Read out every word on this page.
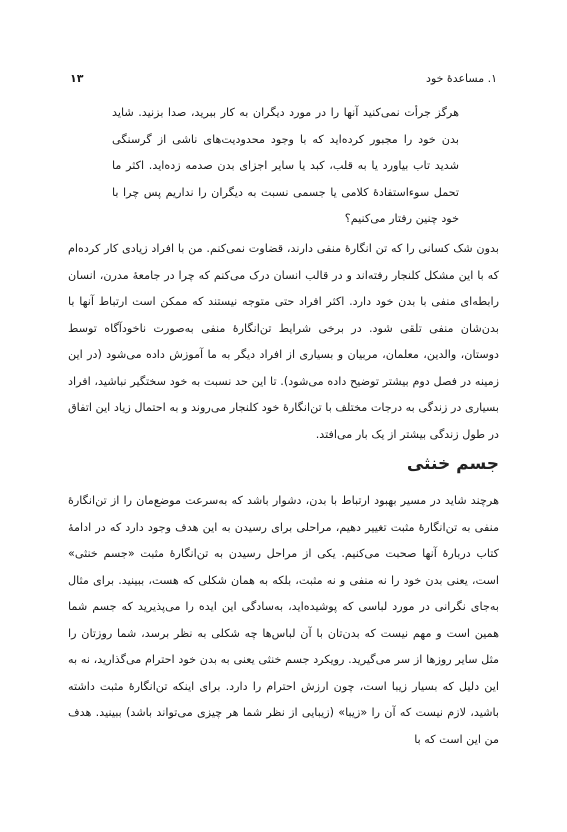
۱۳	۱. مساعدهٔ خود
هرگز جرأت نمی‌کنید آنها را در مورد دیگران به کار ببرید، صدا بزنید. شاید بدن خود را مجبور کرده‌اید که با وجود محدودیت‌های ناشی از گرسنگی شدید تاب بیاورد یا به قلب، کبد یا سایر اجزای بدن صدمه زده‌اید. اکثر ما تحمل سوءاستفادهٔ کلامی یا جسمی نسبت به دیگران را نداریم پس چرا با خود چنین رفتار می‌کنیم؟
بدون شک کسانی را که تن انگارهٔ منفی دارند، قضاوت نمی‌کنم. من با افراد زیادی کار کرده‌ام که با این مشکل کلنجار رفته‌اند و در قالب انسان درک می‌کنم که چرا در جامعهٔ مدرن، انسان رابطه‌ای منفی با بدن خود دارد. اکثر افراد حتی متوجه نیستند که ممکن است ارتباط آنها با بدن‌شان منفی تلقی شود. در برخی شرایط تن‌انگارهٔ منفی به‌صورت ناخودآگاه توسط دوستان، والدین، معلمان، مربیان و بسیاری از افراد دیگر به ما آموزش داده می‌شود (در این زمینه در فصل دوم بیشتر توضیح داده می‌شود). تا این حد نسبت به خود سختگیر نباشید، افراد بسیاری در زندگی به درجات مختلف با تن‌انگارهٔ خود کلنجار می‌روند و به احتمال زیاد این اتفاق در طول زندگی بیشتر از یک بار می‌افتد.
جسم خنثی
هرچند شاید در مسیر بهبود ارتباط با بدن، دشوار باشد که به‌سرعت موضع‌مان را از تن‌انگارهٔ منفی به تن‌انگارهٔ مثبت تغییر دهیم، مراحلی برای رسیدن به این هدف وجود دارد که در ادامهٔ کتاب دربارهٔ آنها صحبت می‌کنیم. یکی از مراحل رسیدن به تن‌انگارهٔ مثبت «جسم خنثی» است، یعنی بدن خود را نه منفی و نه مثبت، بلکه به همان شکلی که هست، ببینید. برای مثال به‌جای نگرانی در مورد لباسی که پوشیده‌اید، به‌سادگی این ایده را می‌پذیرید که جسم شما همین است و مهم نیست که بدن‌تان با آن لباس‌ها چه شکلی به نظر برسد، شما روزتان را مثل سایر روزها از سر می‌گیرید. رویکرد جسم خنثی یعنی به بدن خود احترام می‌گذارید، نه به این دلیل که بسیار زیبا است، چون ارزش احترام را دارد. برای اینکه تن‌انگارهٔ مثبت داشته باشید، لازم نیست که آن را «زیبا» (زیبایی از نظر شما هر چیزی می‌تواند باشد) ببینید. هدف من این است که با
